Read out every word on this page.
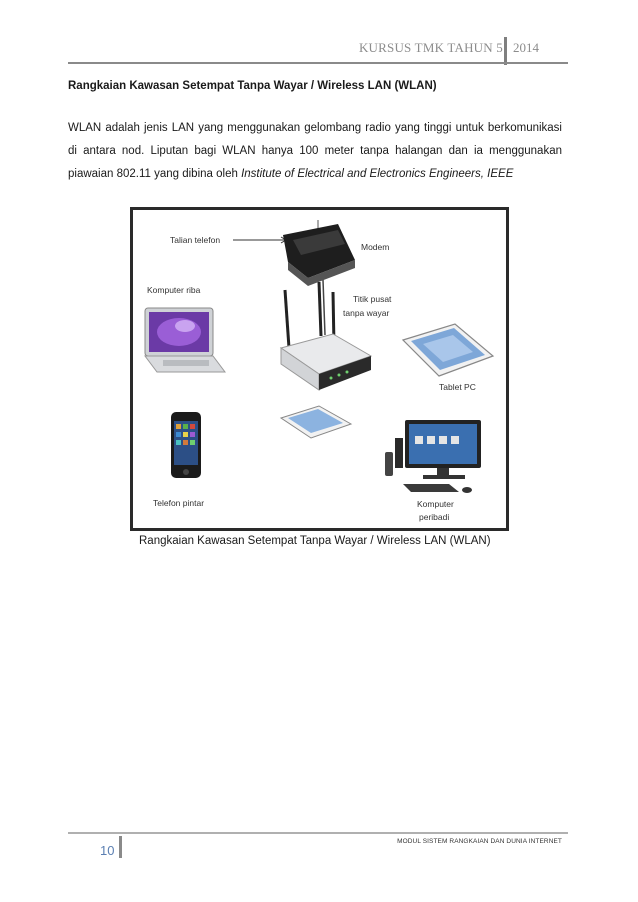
KURSUS TMK TAHUN 5 2014
Rangkaian Kawasan Setempat Tanpa Wayar / Wireless LAN (WLAN)
WLAN adalah jenis LAN yang menggunakan gelombang radio yang tinggi untuk berkomunikasi di antara nod. Liputan bagi WLAN hanya 100 meter tanpa halangan dan ia menggunakan piawaian 802.11 yang dibina oleh Institute of Electrical and Electronics Engineers, IEEE
Talian telefon
Modem
Komputer riba
Titik pusat
tanpa wayar
Tablet PC
Telefon pintar	Komputer
peribadi
Rangkaian Kawasan Setempat Tanpa Wayar / Wireless LAN (WLAN)
10
MODUL SISTEM RANGKAIAN DAN DUNIA INTERNET
